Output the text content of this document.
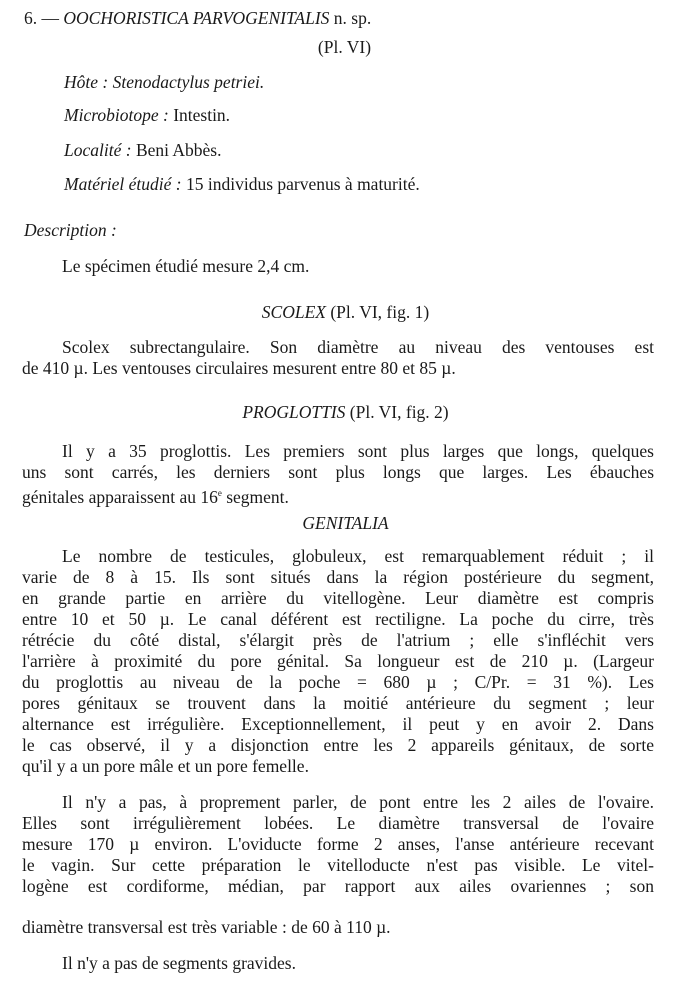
6. — OOCHORISTICA PARVOGENITALIS n. sp.
(Pl. VI)
Hôte : Stenodactylus petriei.
Microbiotope : Intestin.
Localité : Beni Abbès.
Matériel étudié : 15 individus parvenus à maturité.
Description :
Le spécimen étudié mesure 2,4 cm.
SCOLEX (Pl. VI, fig. 1)
Scolex subrectangulaire. Son diamètre au niveau des ventouses est
de 410 µ. Les ventouses circulaires mesurent entre 80 et 85 µ.
PROGLOTTIS (Pl. VI, fig. 2)
Il y a 35 proglottis. Les premiers sont plus larges que longs, quelques
uns sont carrés, les derniers sont plus longs que larges. Les ébauches
génitales apparaissent au 16e segment.
GENITALIA
Le nombre de testicules, globuleux, est remarquablement réduit ; il
varie de 8 à 15. Ils sont situés dans la région postérieure du segment,
en grande partie en arrière du vitellogène. Leur diamètre est compris
entre 10 et 50 µ. Le canal déférent est rectiligne. La poche du cirre, très
rétrécie du côté distal, s'élargit près de l'atrium ; elle s'infléchit vers
l'arrière à proximité du pore génital. Sa longueur est de 210 µ. (Largeur
du proglottis au niveau de la poche = 680 µ ; C/Pr. = 31 %). Les
pores génitaux se trouvent dans la moitié antérieure du segment ; leur
alternance est irrégulière. Exceptionnellement, il peut y en avoir 2. Dans
le cas observé, il y a disjonction entre les 2 appareils génitaux, de sorte
qu'il y a un pore mâle et un pore femelle.
Il n'y a pas, à proprement parler, de pont entre les 2 ailes de l'ovaire.
Elles sont irrégulièrement lobées. Le diamètre transversal de l'ovaire
mesure 170 µ environ. L'oviducte forme 2 anses, l'anse antérieure recevant
le vagin. Sur cette préparation le vitelloducte n'est pas visible. Le vitel-
logène est cordiforme, médian, par rapport aux ailes ovariennes ; son
diamètre transversal est très variable : de 60 à 110 µ.
Il n'y a pas de segments gravides.
